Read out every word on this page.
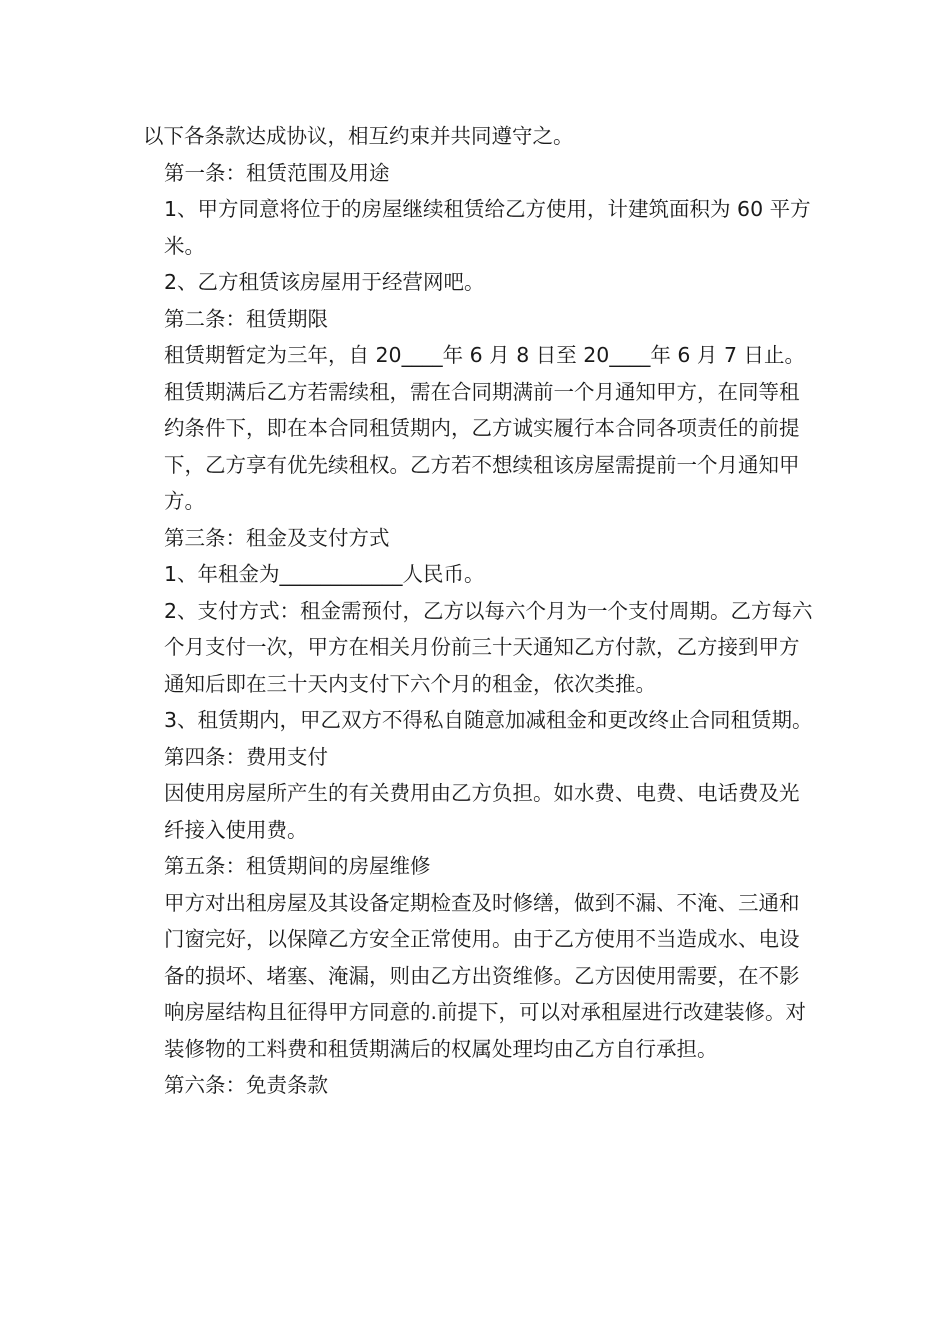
以下各条款达成协议，相互约束并共同遵守之。

第一条：租赁范围及用途

1、甲方同意将位于的房屋继续租赁给乙方使用，计建筑面积为 60 平方米。

2、乙方租赁该房屋用于经营网吧。

第二条：租赁期限

租赁期暂定为三年，自 20____年 6 月 8 日至 20____年 6 月 7 日止。租赁期满后乙方若需续租，需在合同期满前一个月通知甲方，在同等租约条件下，即在本合同租赁期内，乙方诚实履行本合同各项责任的前提下，乙方享有优先续租权。乙方若不想续租该房屋需提前一个月通知甲方。

第三条：租金及支付方式

1、年租金为____________人民币。

2、支付方式：租金需预付，乙方以每六个月为一个支付周期。乙方每六个月支付一次，甲方在相关月份前三十天通知乙方付款，乙方接到甲方通知后即在三十天内支付下六个月的租金，依次类推。

3、租赁期内，甲乙双方不得私自随意加减租金和更改终止合同租赁期。

第四条：费用支付

因使用房屋所产生的有关费用由乙方负担。如水费、电费、电话费及光纤接入使用费。

第五条：租赁期间的房屋维修

甲方对出租房屋及其设备定期检查及时修缮，做到不漏、不淹、三通和门窗完好，以保障乙方安全正常使用。由于乙方使用不当造成水、电设备的损坏、堵塞、淹漏，则由乙方出资维修。乙方因使用需要，在不影响房屋结构且征得甲方同意的.前提下，可以对承租屋进行改建装修。对装修物的工料费和租赁期满后的权属处理均由乙方自行承担。

第六条：免责条款
